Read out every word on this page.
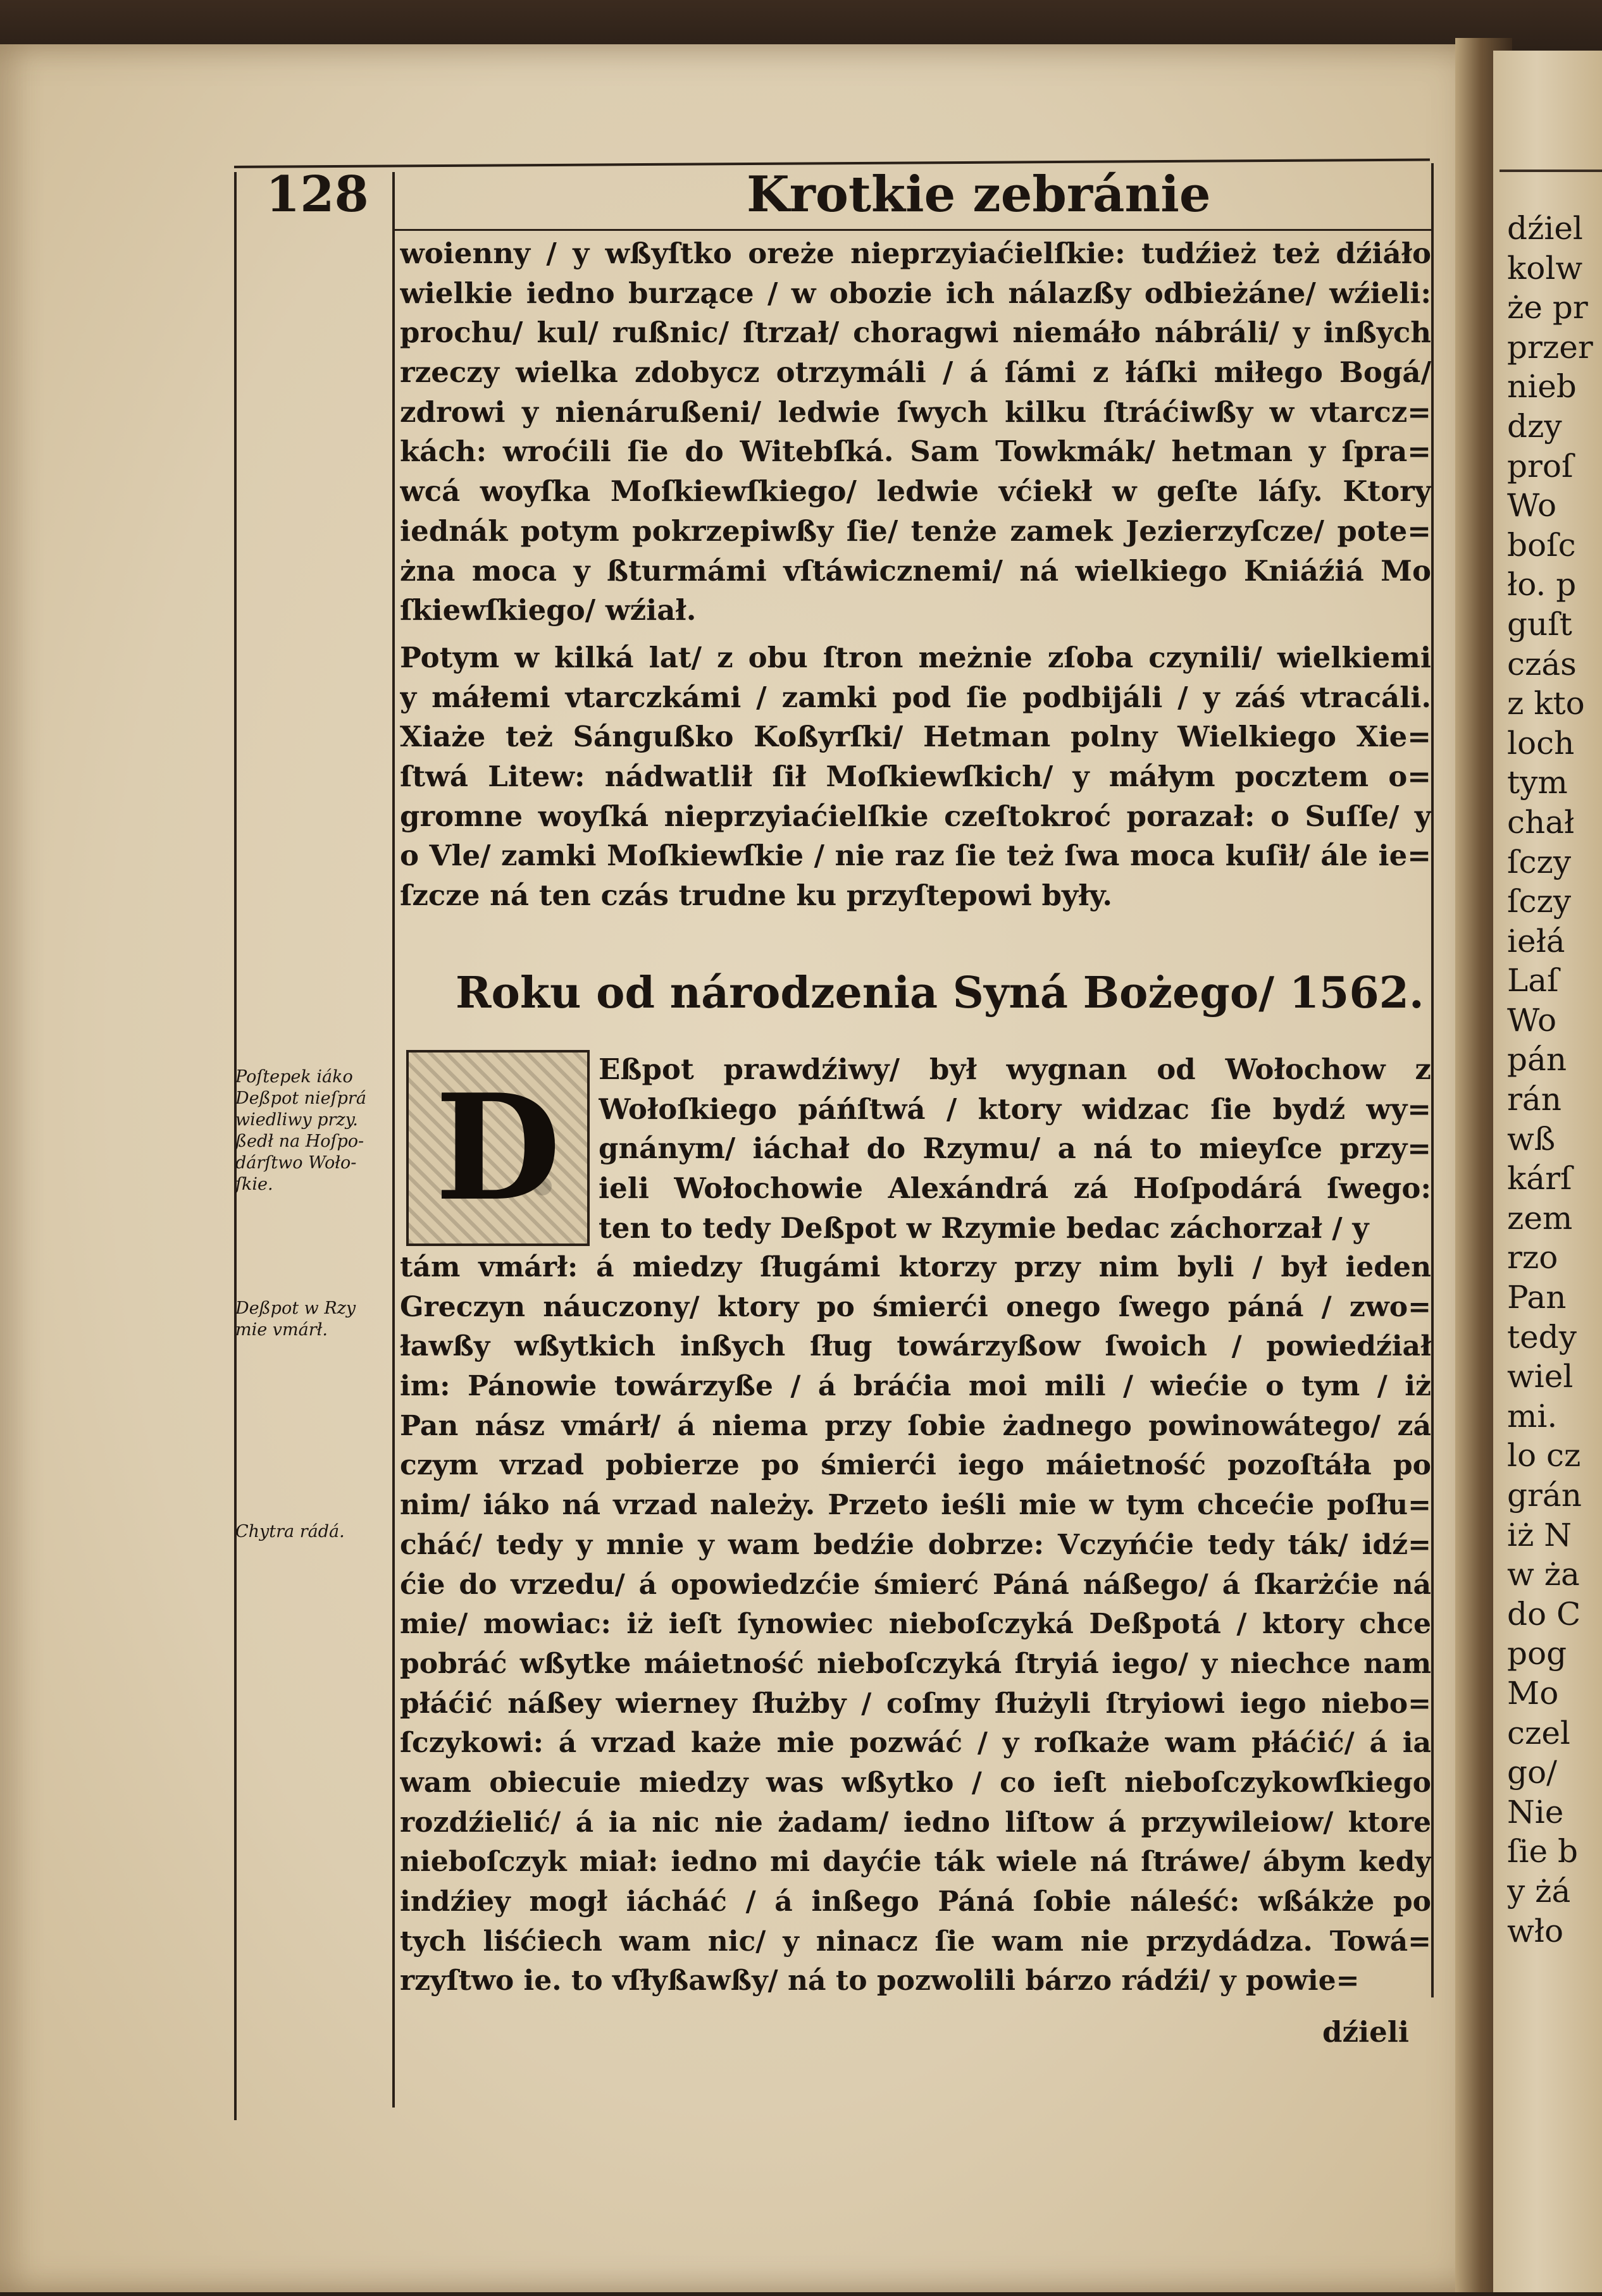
dźiel
kolw
że pr
przer
nieb
dzy
proſ
Wo
boſc
ło. p
guſt
czás
z kto
loch
tym
chał
ſczy
ſczy
iełá
Laſ
Wo
pán
rán
wß
kárſ
zem
rzo
Pan
tedy
wiel
mi.
lo cz
grán
iż N
w ża
do C
pog
Mo
czel
go/
Nie
ſie b
y żá
wło
128	Krotkie zebránie
woienny / y wßyſtko oreże nieprzyiaćielſkie: tudźież też dźiáło
wielkie iedno burzące / w obozie ich nálazßy odbieżáne/ wźieli:
prochu/ kul/ rußnic/ ſtrzał/ choragwi niemáło nábráli/ y inßych
rzeczy wielka zdobycz otrzymáli / á ſámi z łáſki miłego Bogá/
zdrowi y nienárußeni/ ledwie ſwych kilku ſtráćiwßy w vtarcz=
kách: wroćili ſie do Witebſká. Sam Towkmák/ hetman y ſpra=
wcá woyſka Moſkiewſkiego/ ledwie vćiekł w geſte láſy. Ktory
iednák potym pokrzepiwßy ſie/ tenże zamek Jezierzyſcze/ pote=
żna moca y ßturmámi vſtáwicznemi/ ná wielkiego Kniáźiá Mo
ſkiewſkiego/ wźiał.
Potym w kilká lat/ z obu ſtron meżnie zſoba czynili/ wielkiemi
y máłemi vtarczkámi / zamki pod ſie podbijáli / y záś vtracáli.
Xiaże też Sángußko Koßyrſki/ Hetman polny Wielkiego Xie=
ſtwá Litew: nádwatlił ſił Moſkiewſkich/ y máłym pocztem o=
gromne woyſká nieprzyiaćielſkie czeſtokroć porazał: o Suſſe/ y
o Vle/ zamki Moſkiewſkie / nie raz ſie też ſwa moca kuſił/ ále ie=
ſzcze ná ten czás trudne ku przyſtepowi były.
Roku od národzenia Syná Bożego/ 1562.
D Eßpot prawdźiwy/ był wygnan od Wołochow z
Wołoſkiego páńſtwá / ktory widzac ſie bydź wy=
gnánym/ iáchał do Rzymu/ a ná to mieyſce przy=
ieli Wołochowie Alexándrá zá Hoſpodárá ſwego:
ten to tedy Deßpot w Rzymie bedac záchorzał / y
tám vmárł: á miedzy ſługámi ktorzy przy nim byli / był ieden
Greczyn náuczony/ ktory po śmierći onego ſwego páná / zwo=
ławßy wßytkich inßych ſług towárzyßow ſwoich / powiedźiał
im: Pánowie towárzyße / á bráćia moi mili / wiećie o tym / iż
Pan nász vmárł/ á niema przy ſobie żadnego powinowátego/ zá
czym vrzad pobierze po śmierći iego máietność pozoſtáła po
nim/ iáko ná vrzad należy. Przeto ieśli mie w tym chcećie poſłu=
cháć/ tedy y mnie y wam bedźie dobrze: Vczyńćie tedy ták/ idź=
ćie do vrzedu/ á opowiedzćie śmierć Páná náßego/ á ſkarżćie ná
mie/ mowiac: iż ieſt ſynowiec nieboſczyká Deßpotá / ktory chce
pobráć wßytke máietność nieboſczyká ſtryiá iego/ y niechce nam
płáćić náßey wierney ſłużby / coſmy ſłużyli ſtryiowi iego niebo=
ſczykowi: á vrzad każe mie pozwáć / y roſkaże wam płáćić/ á ia
wam obiecuie miedzy was wßytko / co ieſt nieboſczykowſkiego
rozdźielić/ á ia nic nie żadam/ iedno liſtow á przywileiow/ ktore
nieboſczyk miał: iedno mi dayćie ták wiele ná ſtráwe/ ábym kedy
indźiey mogł iácháć / á inßego Páná ſobie náleść: wßákże po
tych liśćiech wam nic/ y ninacz ſie wam nie przydádza. Towá=
rzyſtwo ie. to vſłyßawßy/ ná to pozwolili bárzo rádźi/ y powie=
Poſtepek iáko
Deßpot nieſprá
wiedliwy przy.
ßedł na Hoſpo-
dárſtwo Woło-
ſkie.
Deßpot w Rzy
mie vmárł.
Chytra rádá.
dźieli
